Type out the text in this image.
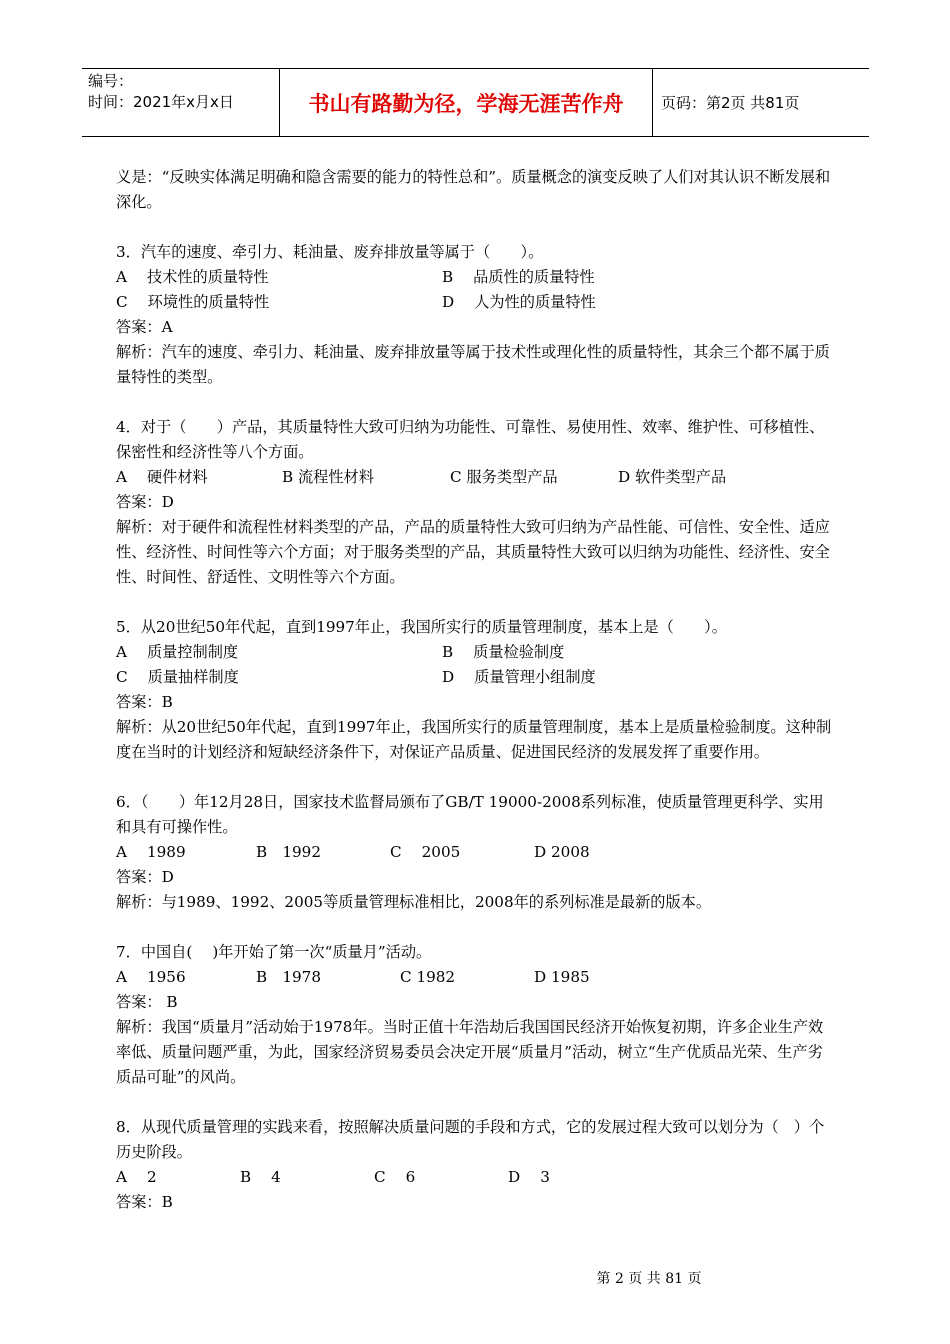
编号：
时间：2021年x月x日	书山有路勤为径，学海无涯苦作舟	页码：第2页 共81页

义是：“反映实体满足明确和隐含需要的能力的特性总和”。质量概念的演变反映了人们对其认识不断发展和深化。

3．汽车的速度、牵引力、耗油量、废弃排放量等属于（　　）。

A　 技术性的质量特性	B　 品质性的质量特性
C　 环境性的质量特性	D　 人为性的质量特性

答案：A

解析：汽车的速度、牵引力、耗油量、废弃排放量等属于技术性或理化性的质量特性，其余三个都不属于质量特性的类型。

4．对于（　　）产品，其质量特性大致可归纳为功能性、可靠性、易使用性、效率、维护性、可移植性、保密性和经济性等八个方面。

A　 硬件材料	B 流程性材料	C 服务类型产品	D 软件类型产品

答案：D

解析：对于硬件和流程性材料类型的产品，产品的质量特性大致可归纳为产品性能、可信性、安全性、适应性、经济性、时间性等六个方面；对于服务类型的产品，其质量特性大致可以归纳为功能性、经济性、安全性、时间性、舒适性、文明性等六个方面。

5．从20世纪50年代起，直到1997年止，我国所实行的质量管理制度，基本上是（　　）。

A　 质量控制制度	B　 质量检验制度
C　 质量抽样制度	D　 质量管理小组制度

答案：B

解析：从20世纪50年代起，直到1997年止，我国所实行的质量管理制度，基本上是质量检验制度。这种制度在当时的计划经济和短缺经济条件下，对保证产品质量、促进国民经济的发展发挥了重要作用。

6．（　　）年12月28日，国家技术监督局颁布了GB/T 19000-2008系列标准，使质量管理更科学、实用和具有可操作性。

A　 1989	B　1992	C　 2005	D 2008

答案：D

解析：与1989、1992、2005等质量管理标准相比，2008年的系列标准是最新的版本。

7．中国自(　 )年开始了第一次“质量月”活动。

A　 1956	B　1978	C 1982	D 1985

答案： B

解析：我国“质量月”活动始于1978年。当时正值十年浩劫后我国国民经济开始恢复初期，许多企业生产效率低、质量问题严重，为此，国家经济贸易委员会决定开展“质量月”活动，树立“生产优质品光荣、生产劣质品可耻”的风尚。

8．从现代质量管理的实践来看，按照解决质量问题的手段和方式，它的发展过程大致可以划分为（　）个历史阶段。

A　 2	B　 4	C　 6	D　 3

答案：B

第 2 页 共 81 页
